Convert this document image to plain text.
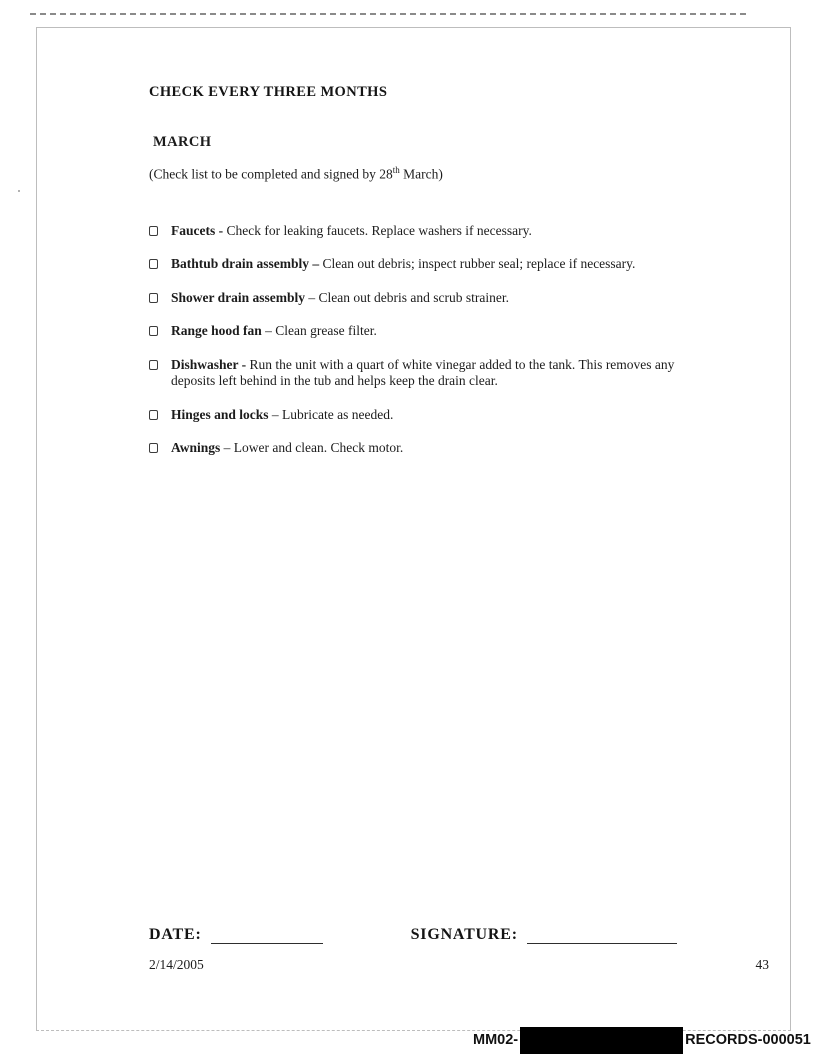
CHECK EVERY THREE MONTHS
MARCH

(Check list to be completed and signed by 28th March)

Faucets - Check for leaking faucets. Replace washers if necessary.
Bathtub drain assembly – Clean out debris; inspect rubber seal; replace if necessary.
Shower drain assembly – Clean out debris and scrub strainer.
Range hood fan – Clean grease filter.
Dishwasher - Run the unit with a quart of white vinegar added to the tank. This removes any deposits left behind in the tub and helps keep the drain clear.
Hinges and locks – Lubricate as needed.
Awnings – Lower and clean. Check motor.
DATE:	SIGNATURE:
2/14/2005	43
MM02-	RECORDS-000051
